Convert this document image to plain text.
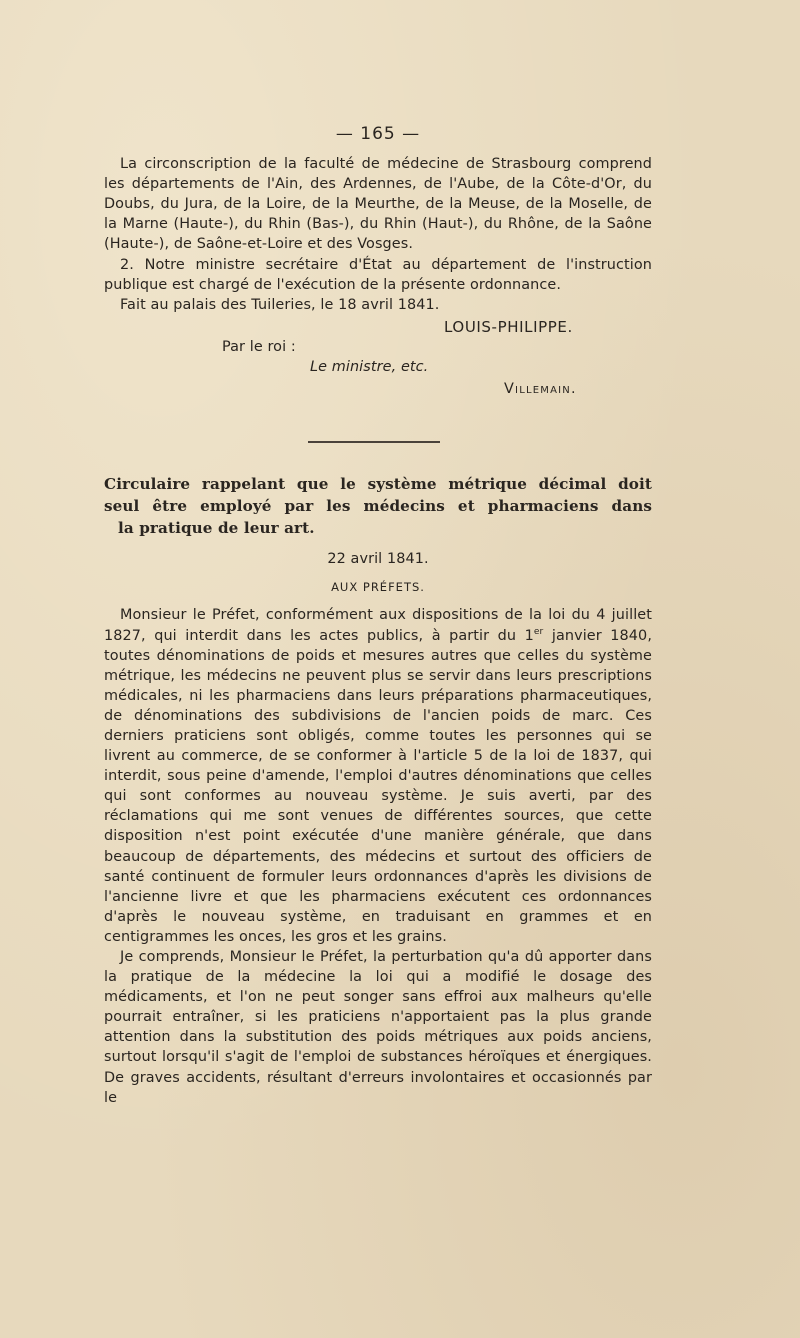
— 165 —

La circonscription de la faculté de médecine de Strasbourg comprend les départements de l'Ain, des Ardennes, de l'Aube, de la Côte-d'Or, du Doubs, du Jura, de la Loire, de la Meurthe, de la Meuse, de la Moselle, de la Marne (Haute-), du Rhin (Bas-), du Rhin (Haut-), du Rhône, de la Saône (Haute-), de Saône-et-Loire et des Vosges.

2. Notre ministre secrétaire d'État au département de l'instruction publique est chargé de l'exécution de la présente ordonnance.

Fait au palais des Tuileries, le 18 avril 1841.

LOUIS-PHILIPPE.

Par le roi :

Le ministre, etc.

Villemain.

Circulaire rappelant que le système métrique décimal doit
seul être employé par les médecins et pharmaciens dans
la pratique de leur art.

22 avril 1841.

AUX PRÉFETS.

Monsieur le Préfet, conformément aux dispositions de la loi du 4 juillet 1827, qui interdit dans les actes publics, à partir du 1er janvier 1840, toutes dénominations de poids et mesures autres que celles du système métrique, les médecins ne peuvent plus se servir dans leurs prescriptions médicales, ni les pharmaciens dans leurs préparations pharmaceutiques, de dénominations des subdivisions de l'ancien poids de marc. Ces derniers praticiens sont obligés, comme toutes les personnes qui se livrent au commerce, de se conformer à l'article 5 de la loi de 1837, qui interdit, sous peine d'amende, l'emploi d'autres dénominations que celles qui sont conformes au nouveau système. Je suis averti, par des réclamations qui me sont venues de différentes sources, que cette disposition n'est point exécutée d'une manière générale, que dans beaucoup de départements, des médecins et surtout des officiers de santé continuent de formuler leurs ordonnances d'après les divisions de l'ancienne livre et que les pharmaciens exécutent ces ordonnances d'après le nouveau système, en traduisant en grammes et en centigrammes les onces, les gros et les grains.

Je comprends, Monsieur le Préfet, la perturbation qu'a dû apporter dans la pratique de la médecine la loi qui a modifié le dosage des médicaments, et l'on ne peut songer sans effroi aux malheurs qu'elle pourrait entraîner, si les praticiens n'apportaient pas la plus grande attention dans la substitution des poids métriques aux poids anciens, surtout lorsqu'il s'agit de l'emploi de substances héroïques et énergiques. De graves accidents, résultant d'erreurs involontaires et occasionnés par le
